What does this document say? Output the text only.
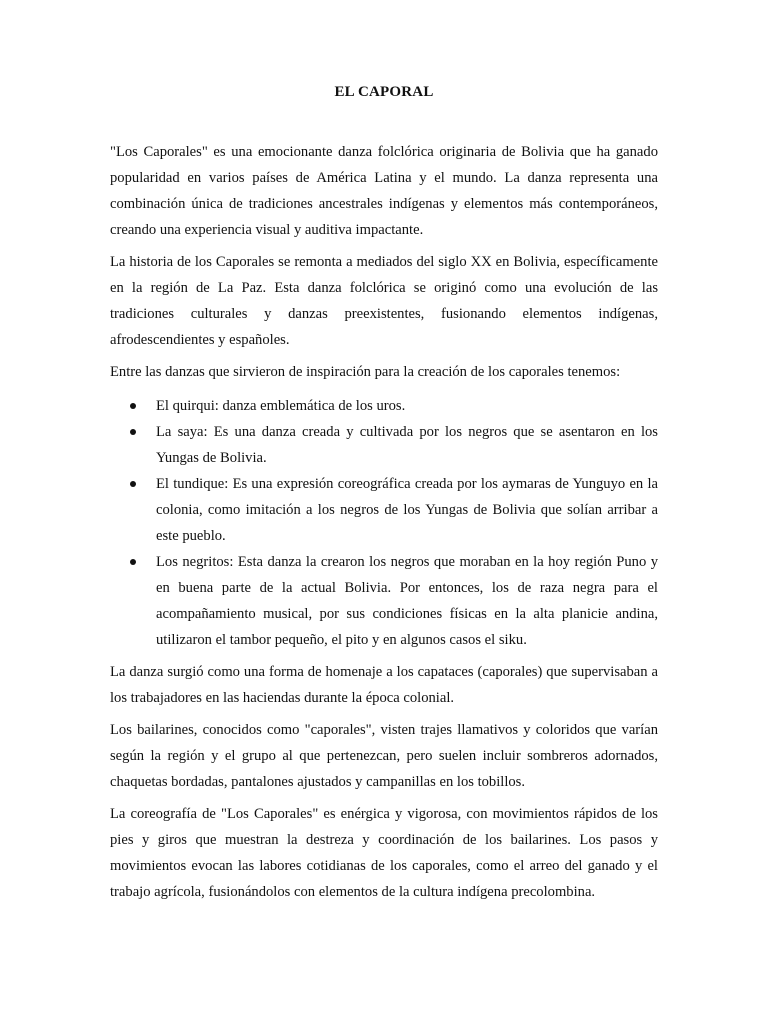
EL CAPORAL

"Los Caporales" es una emocionante danza folclórica originaria de Bolivia que ha ganado popularidad en varios países de América Latina y el mundo. La danza representa una combinación única de tradiciones ancestrales indígenas y elementos más contemporáneos, creando una experiencia visual y auditiva impactante.

La historia de los Caporales se remonta a mediados del siglo XX en Bolivia, específicamente en la región de La Paz. Esta danza folclórica se originó como una evolución de las tradiciones culturales y danzas preexistentes, fusionando elementos indígenas, afrodescendientes y españoles.

Entre las danzas que sirvieron de inspiración para la creación de los caporales tenemos:

El quirqui: danza emblemática de los uros.
La saya: Es una danza creada y cultivada por los negros que se asentaron en los Yungas de Bolivia.
El tundique: Es una expresión coreográfica creada por los aymaras de Yunguyo en la colonia, como imitación a los negros de los Yungas de Bolivia que solían arribar a este pueblo.
Los negritos: Esta danza la crearon los negros que moraban en la hoy región Puno y en buena parte de la actual Bolivia. Por entonces, los de raza negra para el acompañamiento musical, por sus condiciones físicas en la alta planicie andina, utilizaron el tambor pequeño, el pito y en algunos casos el siku.

La danza surgió como una forma de homenaje a los capataces (caporales) que supervisaban a los trabajadores en las haciendas durante la época colonial.

Los bailarines, conocidos como "caporales", visten trajes llamativos y coloridos que varían según la región y el grupo al que pertenezcan, pero suelen incluir sombreros adornados, chaquetas bordadas, pantalones ajustados y campanillas en los tobillos.

La coreografía de "Los Caporales" es enérgica y vigorosa, con movimientos rápidos de los pies y giros que muestran la destreza y coordinación de los bailarines. Los pasos y movimientos evocan las labores cotidianas de los caporales, como el arreo del ganado y el trabajo agrícola, fusionándolos con elementos de la cultura indígena precolombina.
